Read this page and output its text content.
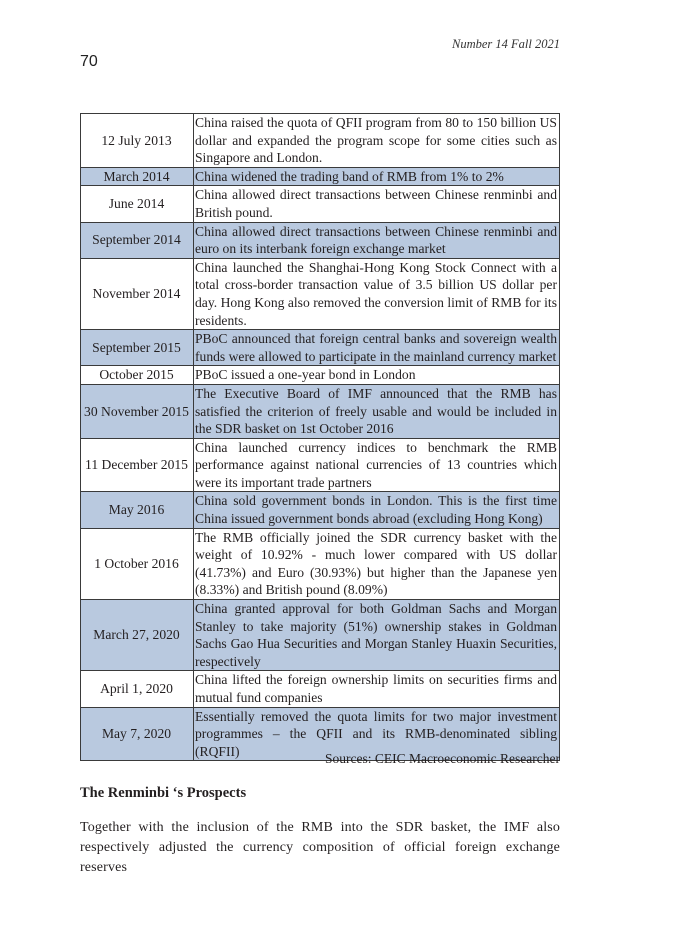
Number 14 Fall 2021
70
12 July 2013	China raised the quota of QFII program from 80 to 150 billion US dollar and expanded the program scope for some cities such as Singapore and London.
March 2014	China widened the trading band of RMB from 1% to 2%
June 2014	China allowed direct transactions between Chinese renminbi and British pound.
September 2014	China allowed direct transactions between Chinese renminbi and euro on its interbank foreign exchange market
November 2014	China launched the Shanghai-Hong Kong Stock Connect with a total cross-border transaction value of 3.5 billion US dollar per day. Hong Kong also removed the conversion limit of RMB for its residents.
September 2015	PBoC announced that foreign central banks and sovereign wealth funds were allowed to participate in the mainland currency market
October 2015	PBoC issued a one-year bond in London
30 November 2015	The Executive Board of IMF announced that the RMB has satisfied the criterion of freely usable and would be included in the SDR basket on 1st October 2016
11 December 2015	China launched currency indices to benchmark the RMB performance against national currencies of 13 countries which were its important trade partners
May 2016	China sold government bonds in London. This is the first time China issued government bonds abroad (excluding Hong Kong)
1 October 2016	The RMB officially joined the SDR currency basket with the weight of 10.92% - much lower compared with US dollar (41.73%) and Euro (30.93%) but higher than the Japanese yen (8.33%) and British pound (8.09%)
March 27, 2020	China granted approval for both Goldman Sachs and Morgan Stanley to take majority (51%) ownership stakes in Goldman Sachs Gao Hua Securities and Morgan Stanley Huaxin Securities, respectively
April 1, 2020	China lifted the foreign ownership limits on securities firms and mutual fund companies
May 7, 2020	Essentially removed the quota limits for two major investment programmes – the QFII and its RMB-denominated sibling (RQFII)	Sources: CEIC Macroeconomic Researcher
The Renminbi ‘s Prospects
Together with the inclusion of the RMB into the SDR basket, the IMF also respectively adjusted the currency composition of official foreign exchange reserves
